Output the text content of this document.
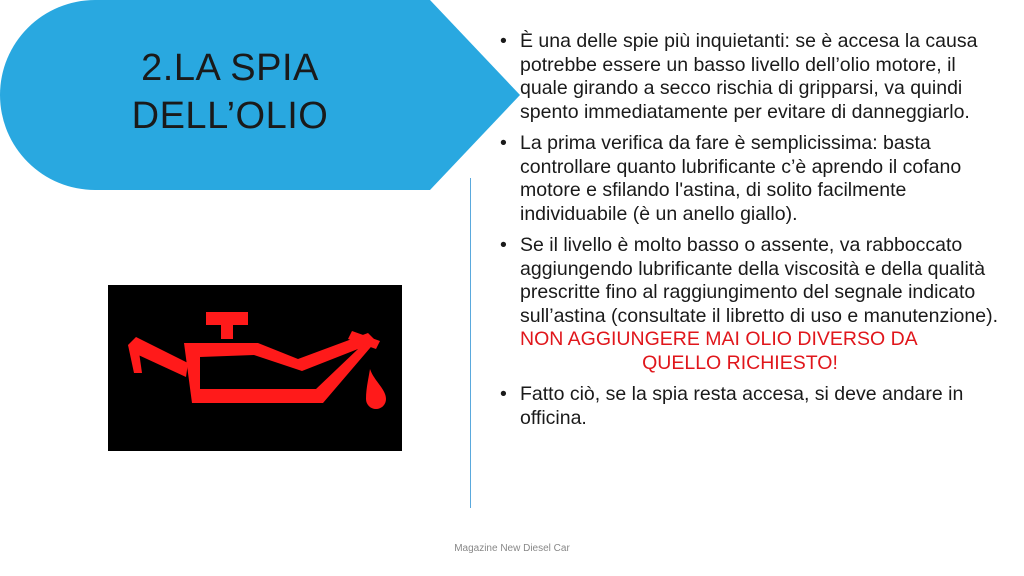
2.LA SPIA
DELL’OLIO
• È una delle spie più inquietanti: se è accesa la causa potrebbe essere un basso livello dell’olio motore, il quale girando a secco rischia di gripparsi, va quindi spento immediatamente per evitare di danneggiarlo.
• La prima verifica da fare è semplicissima: basta controllare quanto lubrificante c’è aprendo il cofano motore e sfilando l'astina, di solito facilmente individuabile (è un anello giallo).
• Se il livello è molto basso o assente, va rabboccato aggiungendo lubrificante della viscosità e della qualità prescritte fino al raggiungimento del segnale indicato sull’astina (consultate il libretto di uso e manutenzione).
NON AGGIUNGERE MAI OLIO DIVERSO DA
QUELLO RICHIESTO!
• Fatto ciò, se la spia resta accesa, si deve andare in officina.
Magazine New Diesel Car
